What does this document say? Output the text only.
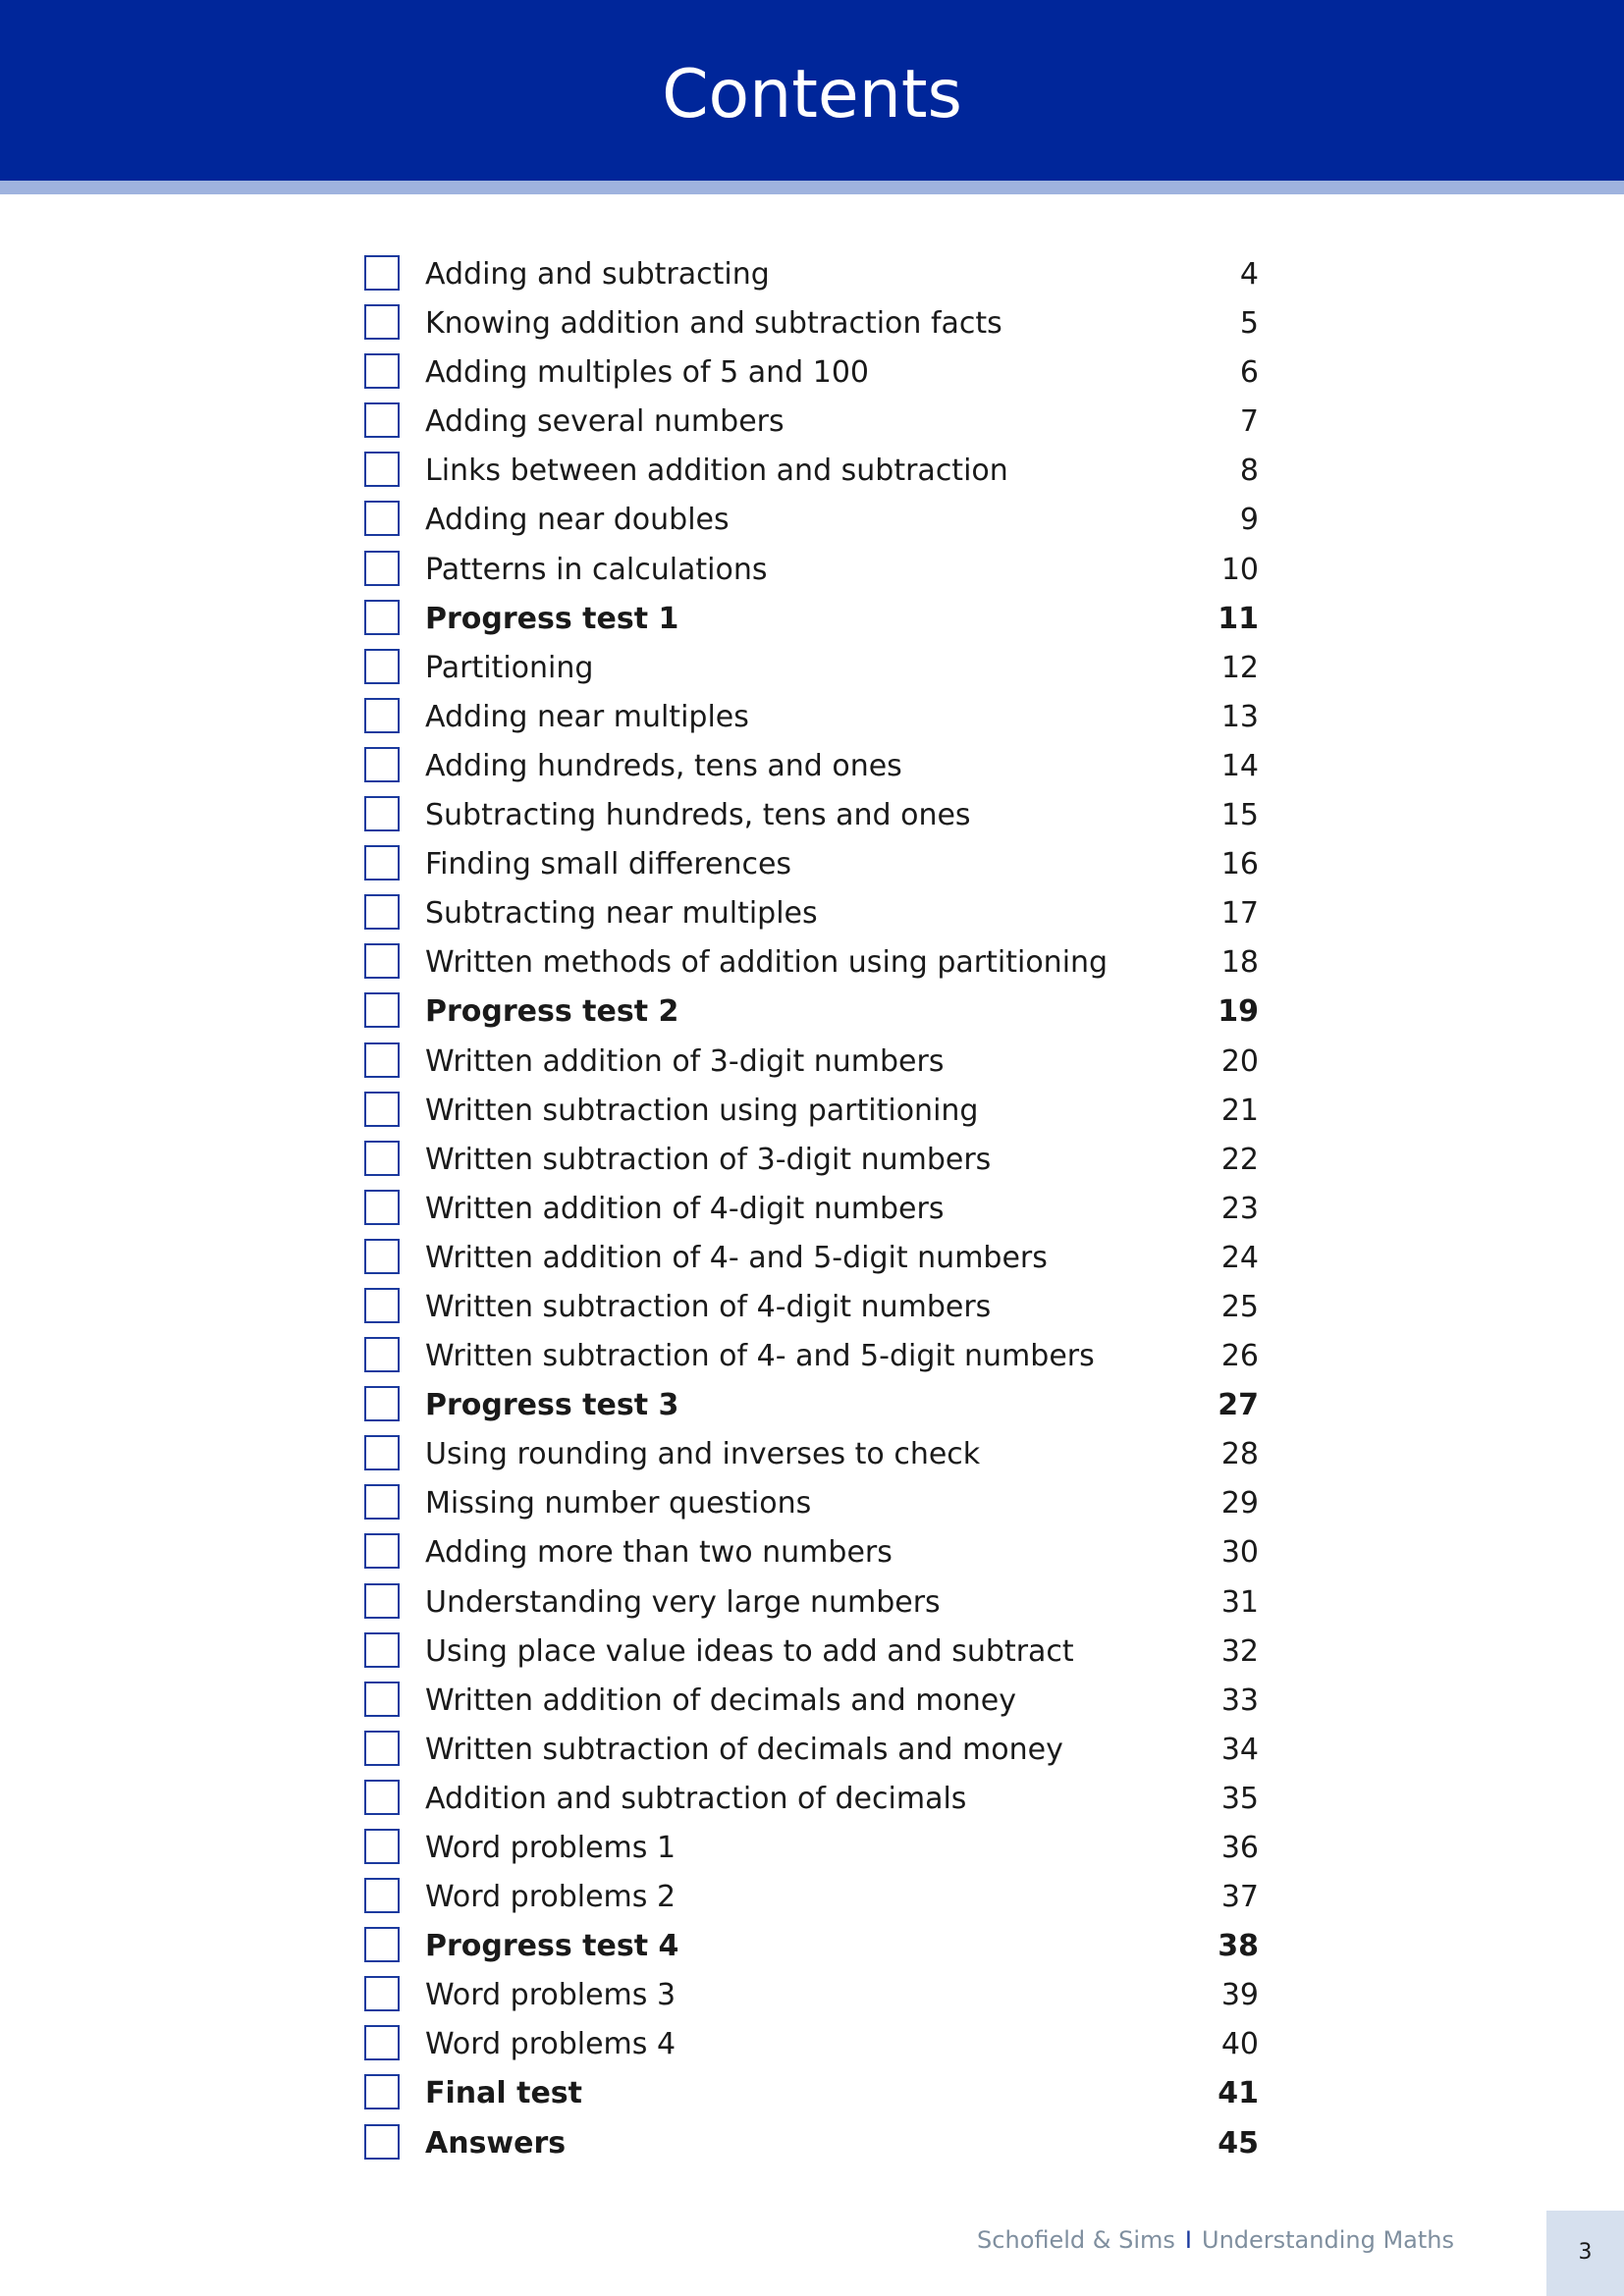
Contents
Adding and subtracting	4
Knowing addition and subtraction facts	5
Adding multiples of 5 and 100	6
Adding several numbers	7
Links between addition and subtraction	8
Adding near doubles	9
Patterns in calculations	10
Progress test 1	11
Partitioning	12
Adding near multiples	13
Adding hundreds, tens and ones	14
Subtracting hundreds, tens and ones	15
Finding small differences	16
Subtracting near multiples	17
Written methods of addition using partitioning	18
Progress test 2	19
Written addition of 3-digit numbers	20
Written subtraction using partitioning	21
Written subtraction of 3-digit numbers	22
Written addition of 4-digit numbers	23
Written addition of 4- and 5-digit numbers	24
Written subtraction of 4-digit numbers	25
Written subtraction of 4- and 5-digit numbers	26
Progress test 3	27
Using rounding and inverses to check	28
Missing number questions	29
Adding more than two numbers	30
Understanding very large numbers	31
Using place value ideas to add and subtract	32
Written addition of decimals and money	33
Written subtraction of decimals and money	34
Addition and subtraction of decimals	35
Word problems 1	36
Word problems 2	37
Progress test 4	38
Word problems 3	39
Word problems 4	40
Final test	41
Answers	45
Schofield & Sims I Understanding Maths	3
